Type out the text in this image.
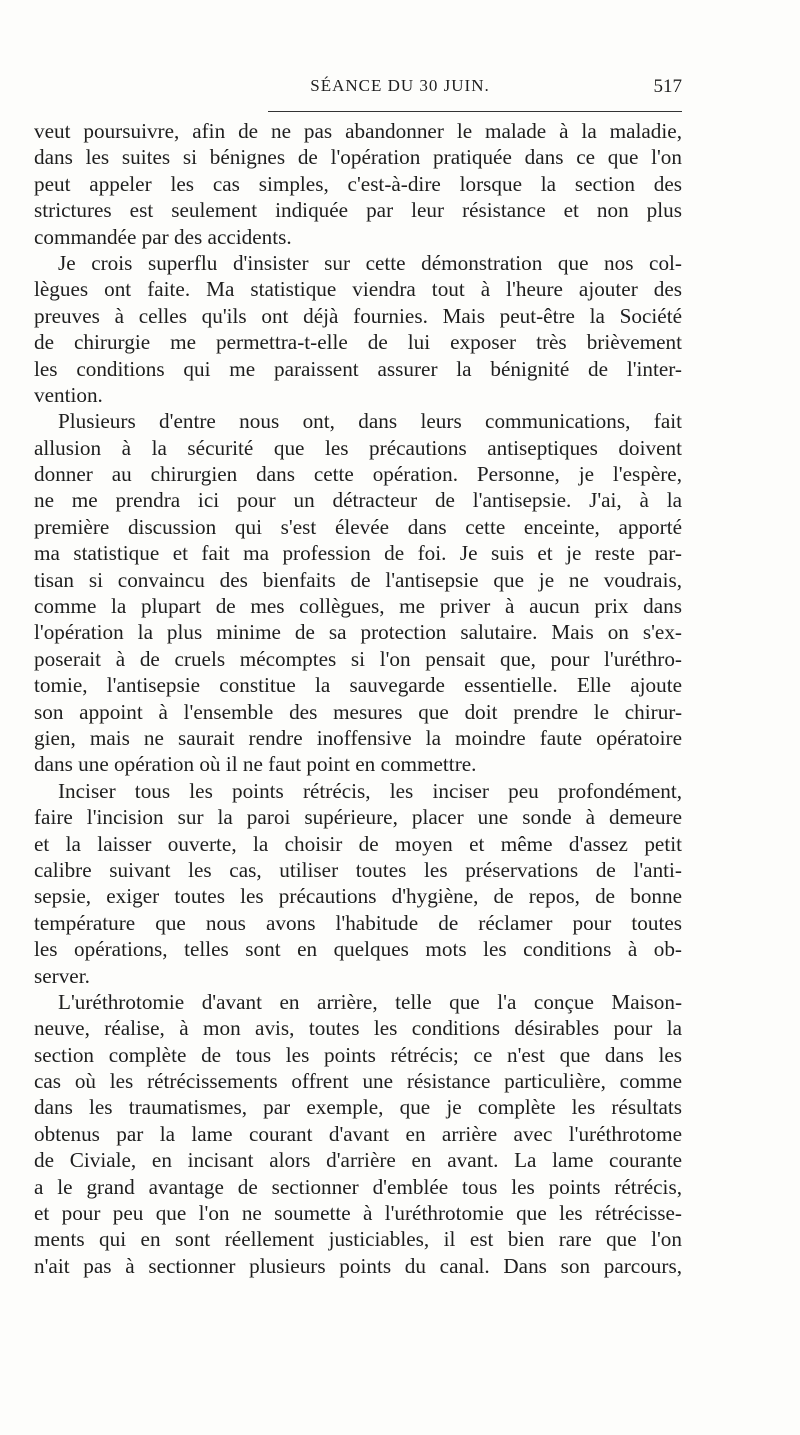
SÉANCE DU 30 JUIN.	517
veut poursuivre, afin de ne pas abandonner le malade à la maladie,
dans les suites si bénignes de l'opération pratiquée dans ce que l'on
peut appeler les cas simples, c'est-à-dire lorsque la section des
strictures est seulement indiquée par leur résistance et non plus
commandée par des accidents.
Je crois superflu d'insister sur cette démonstration que nos col-
lègues ont faite. Ma statistique viendra tout à l'heure ajouter des
preuves à celles qu'ils ont déjà fournies. Mais peut-être la Société
de chirurgie me permettra-t-elle de lui exposer très brièvement
les conditions qui me paraissent assurer la bénignité de l'inter-
vention.
Plusieurs d'entre nous ont, dans leurs communications, fait
allusion à la sécurité que les précautions antiseptiques doivent
donner au chirurgien dans cette opération. Personne, je l'espère,
ne me prendra ici pour un détracteur de l'antisepsie. J'ai, à la
première discussion qui s'est élevée dans cette enceinte, apporté
ma statistique et fait ma profession de foi. Je suis et je reste par-
tisan si convaincu des bienfaits de l'antisepsie que je ne voudrais,
comme la plupart de mes collègues, me priver à aucun prix dans
l'opération la plus minime de sa protection salutaire. Mais on s'ex-
poserait à de cruels mécomptes si l'on pensait que, pour l'uréthro-
tomie, l'antisepsie constitue la sauvegarde essentielle. Elle ajoute
son appoint à l'ensemble des mesures que doit prendre le chirur-
gien, mais ne saurait rendre inoffensive la moindre faute opératoire
dans une opération où il ne faut point en commettre.
Inciser tous les points rétrécis, les inciser peu profondément,
faire l'incision sur la paroi supérieure, placer une sonde à demeure
et la laisser ouverte, la choisir de moyen et même d'assez petit
calibre suivant les cas, utiliser toutes les préservations de l'anti-
sepsie, exiger toutes les précautions d'hygiène, de repos, de bonne
température que nous avons l'habitude de réclamer pour toutes
les opérations, telles sont en quelques mots les conditions à ob-
server.
L'uréthrotomie d'avant en arrière, telle que l'a conçue Maison-
neuve, réalise, à mon avis, toutes les conditions désirables pour la
section complète de tous les points rétrécis; ce n'est que dans les
cas où les rétrécissements offrent une résistance particulière, comme
dans les traumatismes, par exemple, que je complète les résultats
obtenus par la lame courant d'avant en arrière avec l'uréthrotome
de Civiale, en incisant alors d'arrière en avant. La lame courante
a le grand avantage de sectionner d'emblée tous les points rétrécis,
et pour peu que l'on ne soumette à l'uréthrotomie que les rétrécisse-
ments qui en sont réellement justiciables, il est bien rare que l'on
n'ait pas à sectionner plusieurs points du canal. Dans son parcours,
